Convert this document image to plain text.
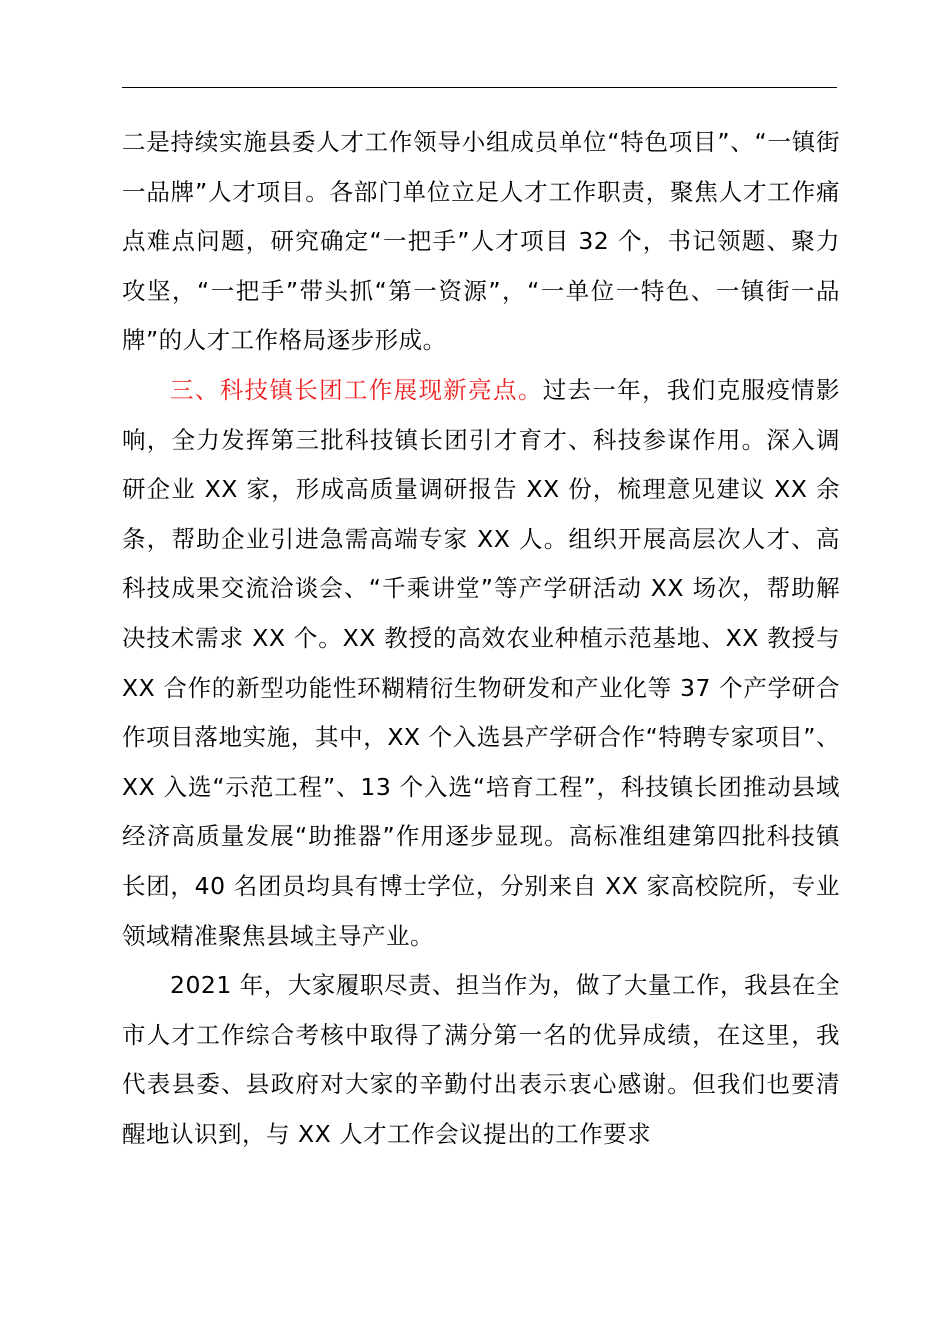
二是持续实施县委人才工作领导小组成员单位“特色项目”、“一镇街一品牌”人才项目。各部门单位立足人才工作职责，聚焦人才工作痛点难点问题，研究确定“一把手”人才项目 32 个，书记领题、聚力攻坚，“一把手”带头抓“第一资源”，“一单位一特色、一镇街一品牌”的人才工作格局逐步形成。

三、科技镇长团工作展现新亮点。过去一年，我们克服疫情影响，全力发挥第三批科技镇长团引才育才、科技参谋作用。深入调研企业 XX 家，形成高质量调研报告 XX 份，梳理意见建议 XX 余条，帮助企业引进急需高端专家 XX 人。组织开展高层次人才、高科技成果交流洽谈会、“千乘讲堂”等产学研活动 XX 场次，帮助解决技术需求 XX 个。XX 教授的高效农业种植示范基地、XX 教授与 XX 合作的新型功能性环糊精衍生物研发和产业化等 37 个产学研合作项目落地实施，其中，XX 个入选县产学研合作“特聘专家项目”、XX 入选“示范工程”、13 个入选“培育工程”，科技镇长团推动县域经济高质量发展“助推器”作用逐步显现。高标准组建第四批科技镇长团，40 名团员均具有博士学位，分别来自 XX 家高校院所，专业领域精准聚焦县域主导产业。

2021 年，大家履职尽责、担当作为，做了大量工作，我县在全市人才工作综合考核中取得了满分第一名的优异成绩，在这里，我代表县委、县政府对大家的辛勤付出表示衷心感谢。但我们也要清醒地认识到，与 XX 人才工作会议提出的工作要求
